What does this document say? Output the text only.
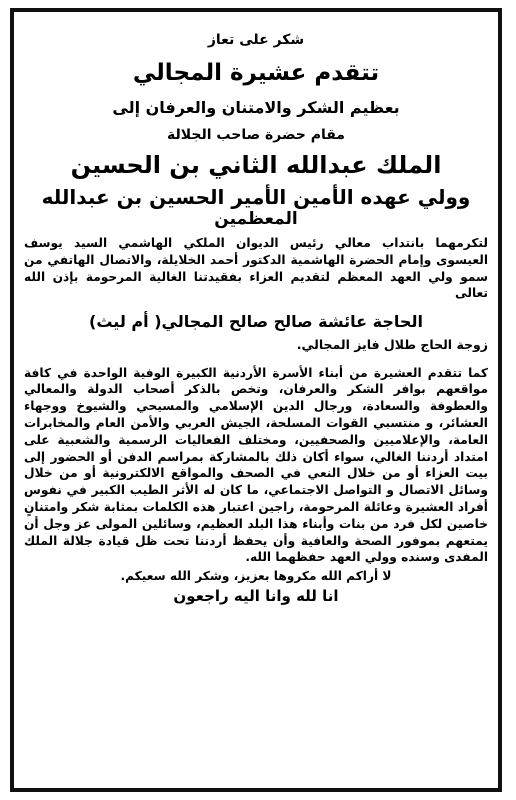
شكر على تعاز

تتقدم عشيرة المجالي

بعظيم الشكر والامتنان والعرفان إلى

مقام حضرة صاحب الجلالة

الملك عبدالله الثاني بن الحسين

وولي عهده الأمين الأمير الحسين بن عبدالله

المعظمين

لتكرمهما بانتداب معالي رئيس الديوان الملكي الهاشمي السيد يوسف العيسوى وإمام الحضرة الهاشمية الدكتور أحمد الخلايلة، والاتصال الهاتفي من سمو ولي العهد المعظم لتقديم العزاء بفقيدتنا الغالية المرحومة بإذن الله تعالى

الحاجة عائشة صالح صالح المجالي( أم ليث)

زوجة الحاج طلال فايز المجالي.

كما تتقدم العشيرة من أبناء الأسرة الأردنية الكبيرة الوفية الواحدة في كافة مواقعهم بوافر الشكر والعرفان، وتخص بالذكر أصحاب الدولة والمعالي والعطوفة والسعادة، ورجال الدين الإسلامي والمسيحي والشيوخ ووجهاء العشائر، و منتسبي القوات المسلحة، الجيش العربي والأمن العام والمخابرات العامة، والإعلاميين والصحفيين، ومختلف الفعاليات الرسمية والشعبية على امتداد أردننا الغالي، سواء أكان ذلك بالمشاركة بمراسم الدفن أو الحضور إلى بيت العزاء أو من خلال النعي في الصحف والمواقع الالكترونية أو من خلال وسائل الاتصال و التواصل الاجتماعي، ما كان له الأثر الطيب الكبير في نفوس أفراد العشيرة وعائلة المرحومة، راجين اعتبار هذه الكلمات بمثابة شكر وامتنانٍ خاصين لكل فرد من بنات وأبناء هذا البلد العظيم، وسائلين المولى عز وجل أن يمتعهم بموفور الصحة والعافية وأن يحفظ أردننا تحت ظل قيادة جلالة الملك المفدى وسنده وولي العهد حفظهما الله.

لا أراكم الله مكروها بعزيز، وشكر الله سعيكم.

انا لله وانا اليه راجعون
